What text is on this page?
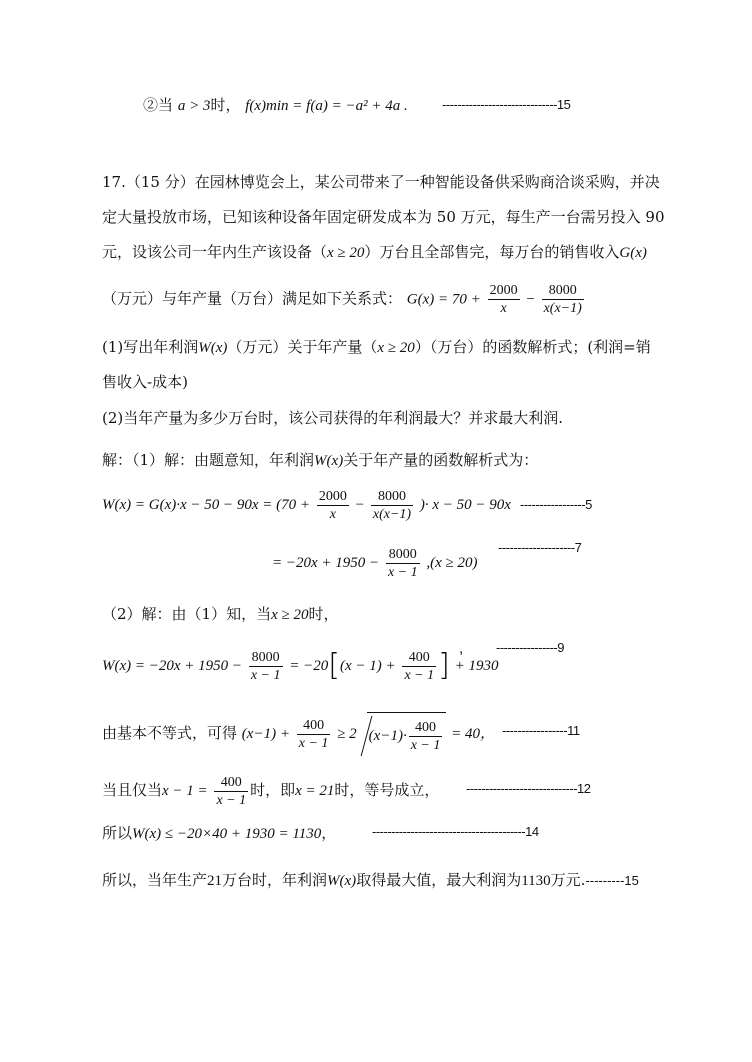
②当 a > 3时， f(x)min = f(a) = −a² + 4a .	------------------------------15
17.（15 分）在园林博览会上，某公司带来了一种智能设备供采购商洽谈采购，并决
定大量投放市场，已知该种设备年固定研发成本为 50 万元，每生产一台需另投入 90
元，设该公司一年内生产该设备（x ≥ 20）万台且全部售完，每万台的销售收入G(x)
（万元）与年产量（万台）满足如下关系式： $G(x) = 70 + \frac{2000}{x} - \frac{8000}{x(x-1)}$
(1)写出年利润W(x)（万元）关于年产量（x ≥ 20）（万台）的函数解析式；(利润=销
售收入-成本)
(2)当年产量为多少万台时，该公司获得的年利润最大？并求最大利润.
解：（1）解：由题意知，年利润W(x)关于年产量的函数解析式为：
$W(x) = G(x)\cdot x - 50 - 90x = (70 + \frac{2000}{x} - \frac{8000}{x(x-1)}$ )· x − 50 − 90x -----------------5
= $-20x + 1950 - \frac{8000}{x - 1} ,(x \ge 20)$
--------------------7
（2）解：由（1）知，当x ≥ 20时，
$W(x) = -20x + 1950 - \frac{8000}{x - 1} = -20[(x - 1) + \frac{400}{x - 1}$ ] + 1930
,	----------------9
由基本不等式，可得 $(x-1) + \frac{400}{x - 1} \ge 2$ $(x-1)\cdot \frac{400}{x - 1} = 40$， -----------------11
当且仅当$x - 1 = \frac{400}{x - 1}$ 时，即x = 21时，等号成立，	-----------------------------12
所以W(x) ≤ −20×40 + 1930 = 1130，	----------------------------------------14
所以，当年生产21万台时，年利润W(x)取得最大值，最大利润为1130万元.---------15
